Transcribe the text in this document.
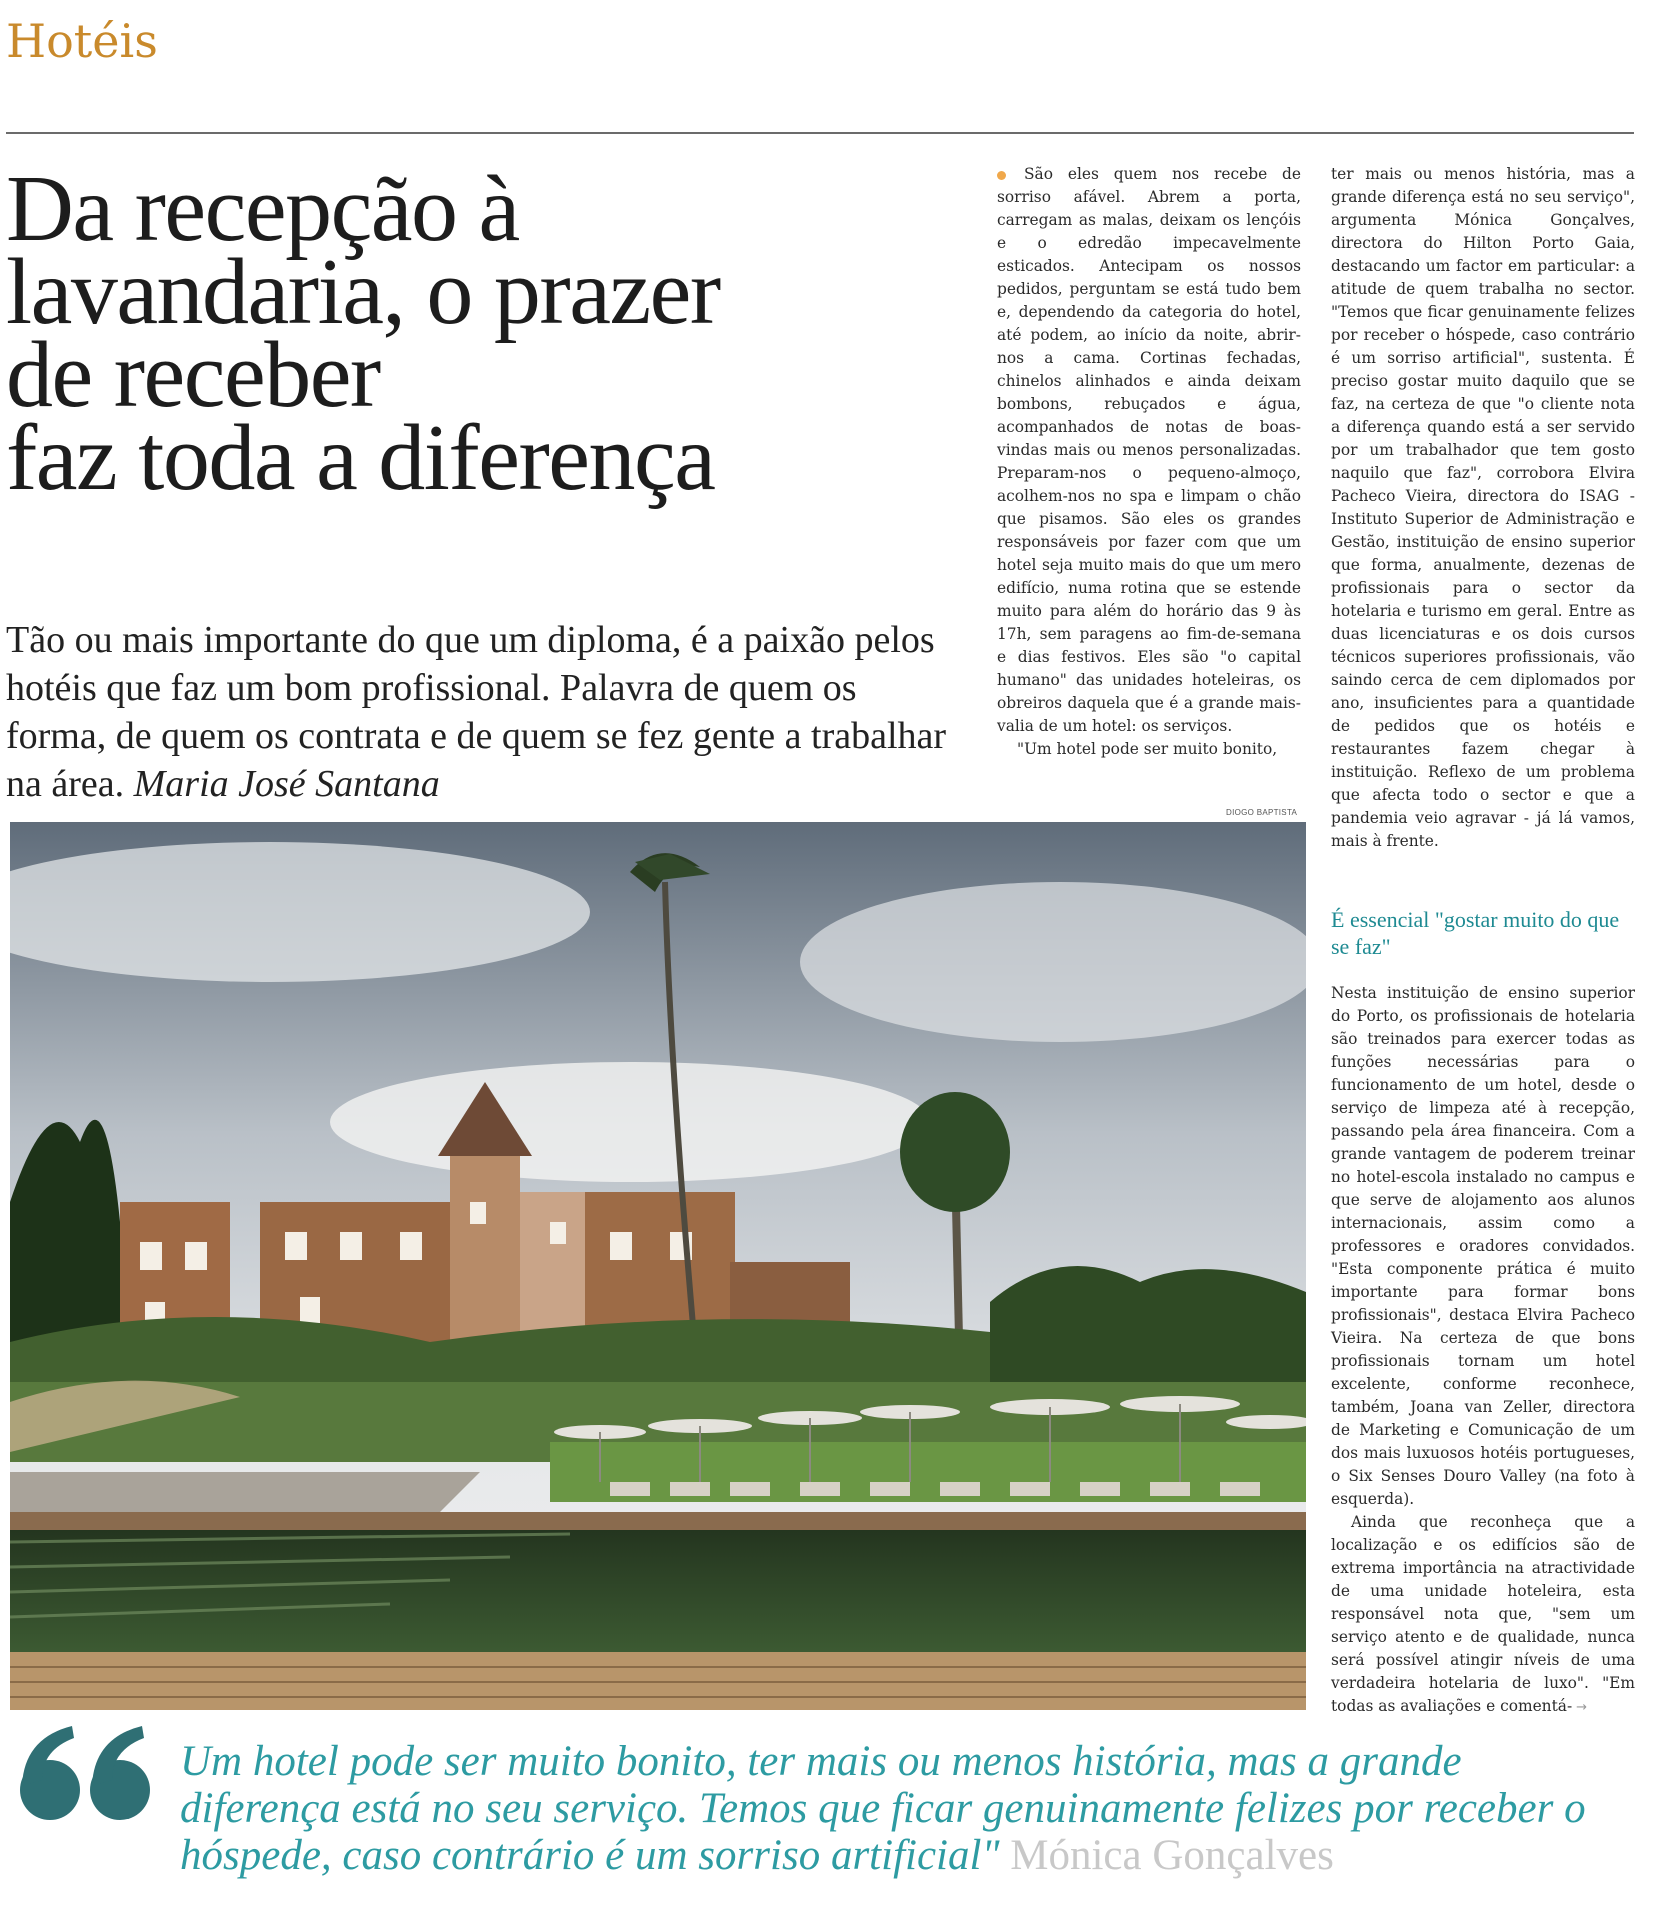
Hotéis
Da recepção à
lavandaria, o prazer
de receber
faz toda a diferença
Tão ou mais importante do que um diploma, é a paixão pelos hotéis que faz um bom profissional. Palavra de quem os forma, de quem os contrata e de quem se fez gente a trabalhar na área. Maria José Santana
DIOGO BAPTISTA

São eles quem nos recebe de sorriso afável. Abrem a porta, carregam as malas, deixam os lençóis e o edredão impecavelmente esticados. Antecipam os nossos pedidos, perguntam se está tudo bem e, dependendo da categoria do hotel, até podem, ao início da noite, abrir-nos a cama. Cortinas fechadas, chinelos alinhados e ainda deixam bombons, rebuçados e água, acompanhados de notas de boas-vindas mais ou menos personalizadas. Preparam-nos o pequeno-almoço, acolhem-nos no spa e limpam o chão que pisamos. São eles os grandes responsáveis por fazer com que um hotel seja muito mais do que um mero edifício, numa rotina que se estende muito para além do horário das 9 às 17h, sem paragens ao fim-de-semana e dias festivos. Eles são "o capital humano" das unidades hoteleiras, os obreiros daquela que é a grande mais-valia de um hotel: os serviços.

"Um hotel pode ser muito bonito,

ter mais ou menos história, mas a grande diferença está no seu serviço", argumenta Mónica Gonçalves, directora do Hilton Porto Gaia, destacando um factor em particular: a atitude de quem trabalha no sector. "Temos que ficar genuinamente felizes por receber o hóspede, caso contrário é um sorriso artificial", sustenta. É preciso gostar muito daquilo que se faz, na certeza de que "o cliente nota a diferença quando está a ser servido por um trabalhador que tem gosto naquilo que faz", corrobora Elvira Pacheco Vieira, directora do ISAG - Instituto Superior de Administração e Gestão, instituição de ensino superior que forma, anualmente, dezenas de profissionais para o sector da hotelaria e turismo em geral. Entre as duas licenciaturas e os dois cursos técnicos superiores profissionais, vão saindo cerca de cem diplomados por ano, insuficientes para a quantidade de pedidos que os hotéis e restaurantes fazem chegar à instituição. Reflexo de um problema que afecta todo o sector e que a pandemia veio agravar - já lá vamos, mais à frente.

É essencial "gostar muito do que se faz"

Nesta instituição de ensino superior do Porto, os profissionais de hotelaria são treinados para exercer todas as funções necessárias para o funcionamento de um hotel, desde o serviço de limpeza até à recepção, passando pela área financeira. Com a grande vantagem de poderem treinar no hotel-escola instalado no campus e que serve de alojamento aos alunos internacionais, assim como a professores e oradores convidados. "Esta componente prática é muito importante para formar bons profissionais", destaca Elvira Pacheco Vieira. Na certeza de que bons profissionais tornam um hotel excelente, conforme reconhece, também, Joana van Zeller, directora de Marketing e Comunicação de um dos mais luxuosos hotéis portugueses, o Six Senses Douro Valley (na foto à esquerda).

Ainda que reconheça que a localização e os edifícios são de extrema importância na atractividade de uma unidade hoteleira, esta responsável nota que, "sem um serviço atento e de qualidade, nunca será possível atingir níveis de uma verdadeira hotelaria de luxo". "Em todas as avaliações e comentá- →

Um hotel pode ser muito bonito, ter mais ou menos história, mas a grande diferença está no seu serviço. Temos que ficar genuinamente felizes por receber o hóspede, caso contrário é um sorriso artificial" Mónica Gonçalves
